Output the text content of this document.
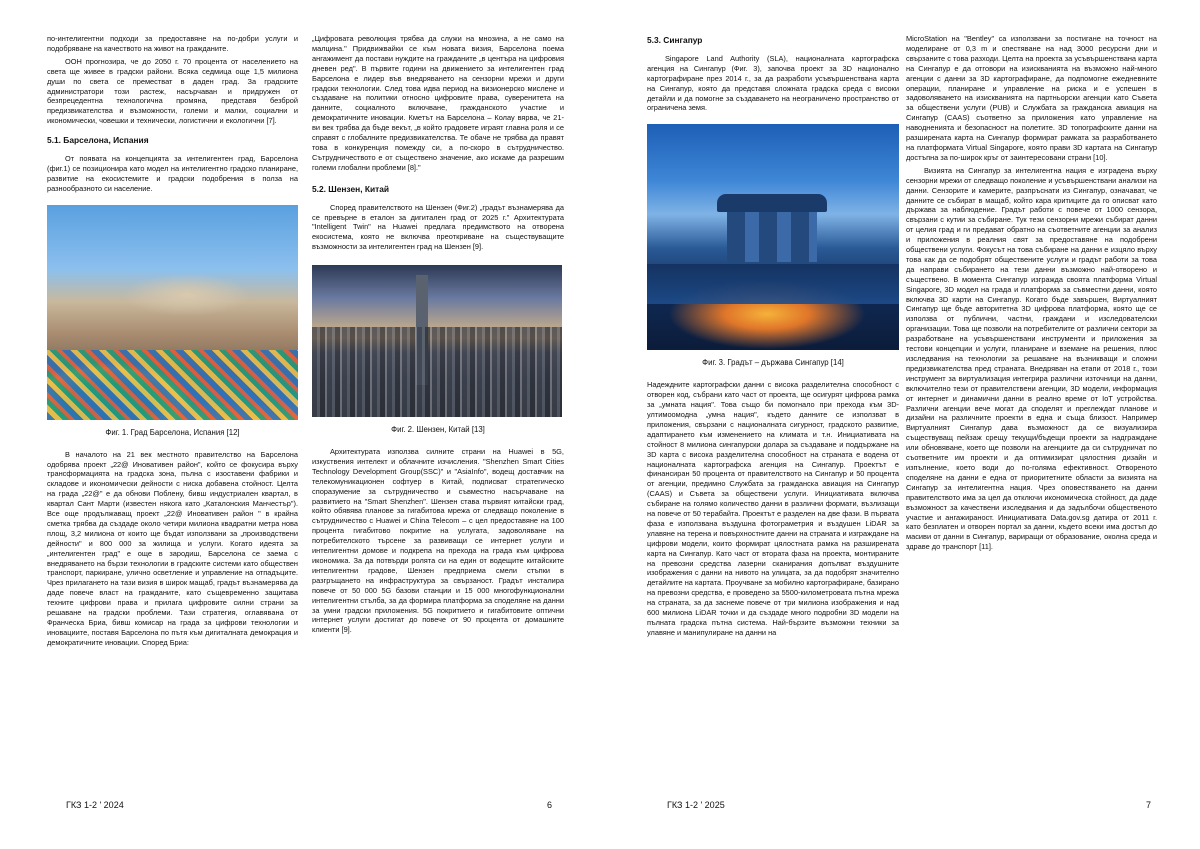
по-интелигентни подходи за предоставяне на по-добри услуги и подобряване на качеството на живот на гражданите.

ООН прогнозира, че до 2050 г. 70 процента от населението на света ще живее в градски райони. Всяка седмица още 1,5 милиона души по света се преместват в даден град. За градските администратори този растеж, насърчаван и придружен от безпрецедентна технологична промяна, представя безброй предизвикателства и възможности, големи и малки, социални и икономически, човешки и технически, логистични и екологични [7].

5.1. Барселона, Испания

От появата на концепцията за интелигентен град, Барселона (фиг.1) се позиционира като модел на интелигентно градско планиране, развитие на екосистемите и градски подобрения в полза на разнообразното си население.

Фиг. 1. Град Барселона, Испания [12]

В началото на 21 век местното правителство на Барселона одобрява проект „22@ Иновативен район", който се фокусира върху трансформацията на градска зона, пълна с изоставени фабрики и складове и икономически дейности с ниска добавена стойност. Целта на града „22@" е да обнови Поблену, бивш индустриален квартал, в квартал Сант Марти (известен някога като „Каталонския Манчестър"). Все още продължаващ проект „22@ Иновативен район " в крайна сметка трябва да създаде около четири милиона квадратни метра нова площ, 3,2 милиона от които ще бъдат използвани за „производствени дейности" и 800 000 за жилища и услуги. Когато идеята за „интелигентен град" е още в зародиш, Барселона се заема с внедряването на бързи технологии в градските системи като обществен транспорт, паркиране, улично осветление и управление на отпадъците. Чрез прилагането на тази визия в широк мащаб, градът възнамерява да даде повече власт на гражданите, като същевременно защитава техните цифрови права и прилага цифровите силни страни за решаване на градски проблеми. Тази стратегия, оглавявана от Франческа Бриа, бивш комисар на града за цифрови технологии и иновациите, поставя Барселона по пътя към дигиталната демокрация и демократичните иновации. Според Бриа:

„Цифровата революция трябва да служи на мнозина, а не само на малцина." Придвижвайки се към новата визия, Барселона поема ангажимент да постави нуждите на гражданите „в центъра на цифровия дневен ред". В първите години на движението за интелигентен град Барселона е лидер във внедряването на сензорни мрежи и други градски технологии. След това идва период на визионерско мислене и създаване на политики относно цифровите права, суверенитета на данните, социалното включване, гражданското участие и демократичните иновации. Кметът на Барселона – Колау вярва, че 21-ви век трябва да бъде векът, „в който градовете играят главна роля и се справят с глобалните предизвикателства. Те обаче не трябва да правят това в конкуренция помежду си, а по-скоро в сътрудничество. Сътрудничеството е от съществено значение, ако искаме да разрешим големи глобални проблеми [8]."

5.2. Шензен, Китай

Според правителството на Шензен (Фиг.2) „градът възнамерява да се превърне в еталон за дигитален град от 2025 г." Архитектурата "Intelligent Twin" на Huawei предлага предимството на отворена екосистема, която не включва преоткриване на съществуващите възможности за интелигентен град на Шензен [9].

Фиг. 2. Шензен, Китай [13]

Архитектурата използва силните страни на Huawei в 5G, изкуствения интелект и облачните изчисления. "Shenzhen Smart Cities Technology Development Group(SSC)" и "AsiaInfo", водещ доставчик на телекомуникационен софтуер в Китай, подписват стратегическо споразумение за сътрудничество и съвместно насърчаване на развитието на "Smart Shenzhen". Шензен става първият китайски град, който обявява плановe за гигабитова мрежа от следващо поколение в сътрудничество с Huawei и China Telecom – с цел предоставяне на 100 процента гигабитово покритие на услугата, задоволяване на потребителското търсене за развиващи се интернет услуги и интелигентни домове и подкрепа на прехода на града към цифрова икономика. За да потвърди ролята си на един от водещите китайските интелигентни градове, Шензен предприема смели стъпки в разгръщането на инфраструктура за свързаност. Градът инсталира повече от 50 000 5G базови станции и 15 000 многофункционални интелигентни стълба, за да формира платформа за споделяне на данни за умни градски приложения. 5G покритието и гигабитовите оптични интернет услуги достигат до повече от 90 процента от домашните клиенти [9].

5.3. Сингапур

Singapore Land Authority (SLA), националната картографска агенция на Сингапур (Фиг. 3), започва проект за 3D национално картографиране през 2014 г., за да разработи усъвършенствана карта на Сингапур, която да представя сложната градска среда с високи детайли и да помогне за създаването на неограничено пространство от ограничена земя.

Фиг. 3. Градът – държава Сингапур [14]

Надеждните картографски данни с висока разделителна способност с отворен код, събрани като част от проекта, ще осигурят цифрова рамка за „умната нация". Това също би помогнало при прехода към 3D-ултимоомодна „умна нация", където данните се използват в приложения, свързани с националната сигурност, градското развитие, адаптирането към изменението на климата и т.н. Инициативата на стойност 8 милиона сингапурски долара за създаване и поддържане на 3D карта с висока разделителна способност на страната е водена от националната картографска агенция на Сингапур. Проектът е финансиран 50 процента от правителството на Сингапур и 50 процента от агенции, предимно Службата за гражданска авиация на Сингапур (CAAS) и Съвета за обществени услуги. Инициативата включва събиране на голямо количество данни в различни формати, възлизащи на повече от 50 терабайта. Проектът е разделен на две фази. В първата фаза е използвана въздушна фотограметрия и въздушен LiDAR за улавяне на терена и повърхностните данни на страната и изграждане на цифрови модели, които формират цялостната рамка на разширената карта на Сингапур. Като част от втората фаза на проекта, монтираните на превозни средства лазерни сканирания допълват въздушните изображения с данни на нивото на улицата, за да подобрят значително детайлите на картата. Проучване за мобилно картографиране, базирано на превозни средства, е проведено за 5500-километровата пътна мрежа на страната, за да заснеме повече от три милиона изображения и над 600 милиона LiDAR точки и да създаде много подробни 3D модели на пълната градска пътна система. Най-бързите възможни техники за улавяне и манипулиране на данни на

MicroStation на "Bentley" са използвани за постигане на точност на моделиране от 0,3 m и спестяване на над 3000 ресурсни дни и свързаните с това разходи. Целта на проекта за усъвършенствана карта на Сингапур е да отговори на изискванията на възможно най-много агенции с данни за 3D картографиране, да подпомогне ежедневните операции, планиране и управление на риска и е успешен в задоволяването на изискванията на партньорски агенции като Съвета за обществени услуги (PUB) и Службата за гражданска авиация на Сингапур (CAAS) съответно за приложения като управление на наводненията и безопасност на полетите. 3D топографските данни на разширената карта на Сингапур формират рамката за разработването на платформата Virtual Singapore, която прави 3D картата на Сингапур достъпна за по-широк кръг от заинтересовани страни [10].

Визията на Сингапур за интелигентна нация е изградена върху сензорни мрежи от следващо поколение и усъвършенствани анализи на данни. Сензорите и камерите, разпръснати из Сингапур, означават, че данните се събират в мащаб, който кара критиците да го описват като държава за наблюдение. Градът работи с повече от 1000 сензора, свързани с кутии за събиране. Тук тези сензорни мрежи събират данни от целия град и ги предават обратно на съответните агенции за анализ и приложения в реалния свят за предоставяне на подобрени обществени услуги. Фокусът на това събиране на данни е изцяло върху това как да се подобрят обществените услуги и градът работи за това да направи събирането на тези данни възможно най-отворено и съществено. В момента Сингапур изгражда своята платформа Virtual Singapore, 3D модел на града и платформа за съвместни данни, която включва 3D карти на Сингапур. Когато бъде завършен, Виртуалният Сингапур ще бъде авторитетна 3D цифрова платформа, която ще се използва от публични, частни, граждани и изследователски организации. Това ще позволи на потребителите от различни сектори за разработване на усъвършенствани инструменти и приложения за тестови концепции и услуги, планиране и вземане на решения, плюс изследвания на технологии за решаване на възникващи и сложни предизвикателства пред страната. Внедряван на етапи от 2018 г., този инструмент за виртуализация интегрира различни източници на данни, включително тези от правителствени агенции, 3D модели, информация от интернет и динамични данни в реално време от IoT устройства. Различни агенции вече могат да споделят и преглеждат планове и дизайни на различните проекти в една и съща близост. Например Виртуалният Сингапур дава възможност да се визуализира съществуващ пейзаж срещу текущи/бъдещи проекти за надграждане или обновяване, което ще позволи на агенциите да си сътрудничат по съответните им проекти и да оптимизират цялостния дизайн и изпълнение, което води до по-голяма ефективност. Отвореното споделяне на данни е една от приоритетните области за визията на Сингапур за интелигентна нация. Чрез оповестяването на данни правителството има за цел да отключи икономическа стойност, да даде възможност за качествени изследвания и да задълбочи общественото участие и ангажираност. Инициативата Data.gov.sg датира от 2011 г. като безплатен и отворен портал за данни, където всеки има достъп до масиви от данни в Сингапур, вариращи от образование, околна среда и здраве до транспорт [11].

ГКЗ 1-2 ' 2024	6	ГКЗ 1-2 ' 2025	7
